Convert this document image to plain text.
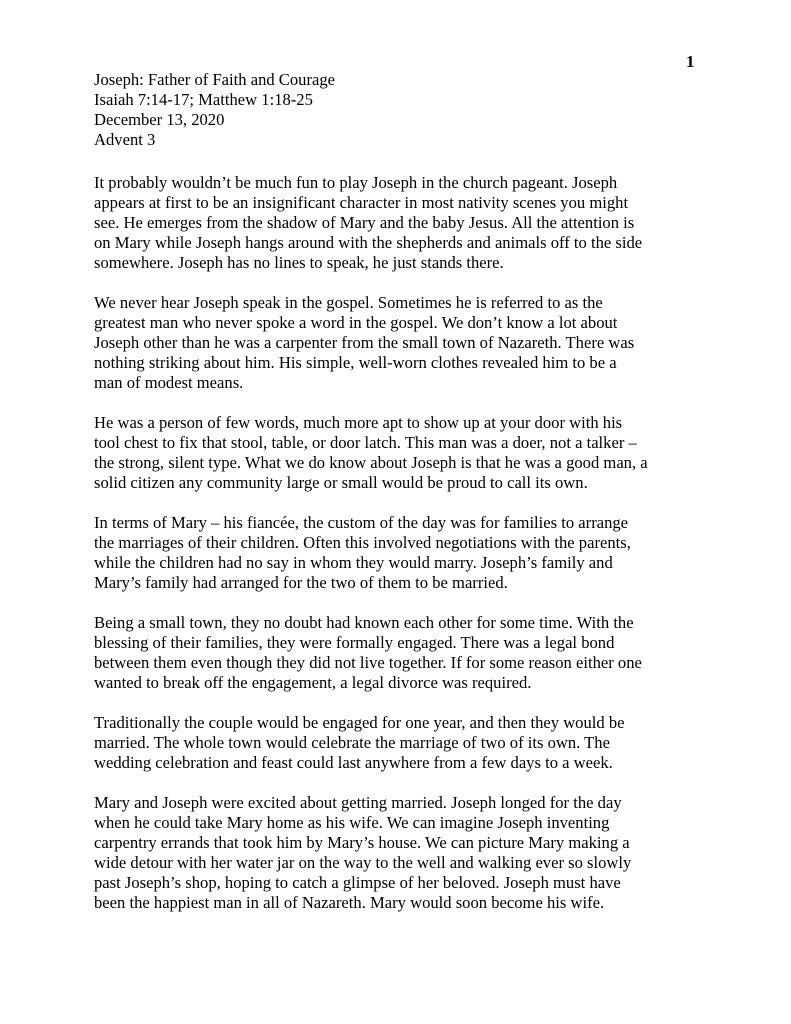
1
Joseph: Father of Faith and Courage
Isaiah 7:14-17; Matthew 1:18-25
December 13, 2020
Advent 3
It probably wouldn’t be much fun to play Joseph in the church pageant. Joseph
appears at first to be an insignificant character in most nativity scenes you might
see. He emerges from the shadow of Mary and the baby Jesus. All the attention is
on Mary while Joseph hangs around with the shepherds and animals off to the side
somewhere. Joseph has no lines to speak, he just stands there.
We never hear Joseph speak in the gospel. Sometimes he is referred to as the
greatest man who never spoke a word in the gospel. We don’t know a lot about
Joseph other than he was a carpenter from the small town of Nazareth. There was
nothing striking about him. His simple, well-worn clothes revealed him to be a
man of modest means.
He was a person of few words, much more apt to show up at your door with his
tool chest to fix that stool, table, or door latch. This man was a doer, not a talker –
the strong, silent type. What we do know about Joseph is that he was a good man, a
solid citizen any community large or small would be proud to call its own.
In terms of Mary – his fiancée, the custom of the day was for families to arrange
the marriages of their children. Often this involved negotiations with the parents,
while the children had no say in whom they would marry. Joseph’s family and
Mary’s family had arranged for the two of them to be married.
Being a small town, they no doubt had known each other for some time. With the
blessing of their families, they were formally engaged. There was a legal bond
between them even though they did not live together. If for some reason either one
wanted to break off the engagement, a legal divorce was required.
Traditionally the couple would be engaged for one year, and then they would be
married. The whole town would celebrate the marriage of two of its own. The
wedding celebration and feast could last anywhere from a few days to a week.
Mary and Joseph were excited about getting married. Joseph longed for the day
when he could take Mary home as his wife. We can imagine Joseph inventing
carpentry errands that took him by Mary’s house. We can picture Mary making a
wide detour with her water jar on the way to the well and walking ever so slowly
past Joseph’s shop, hoping to catch a glimpse of her beloved. Joseph must have
been the happiest man in all of Nazareth. Mary would soon become his wife.
